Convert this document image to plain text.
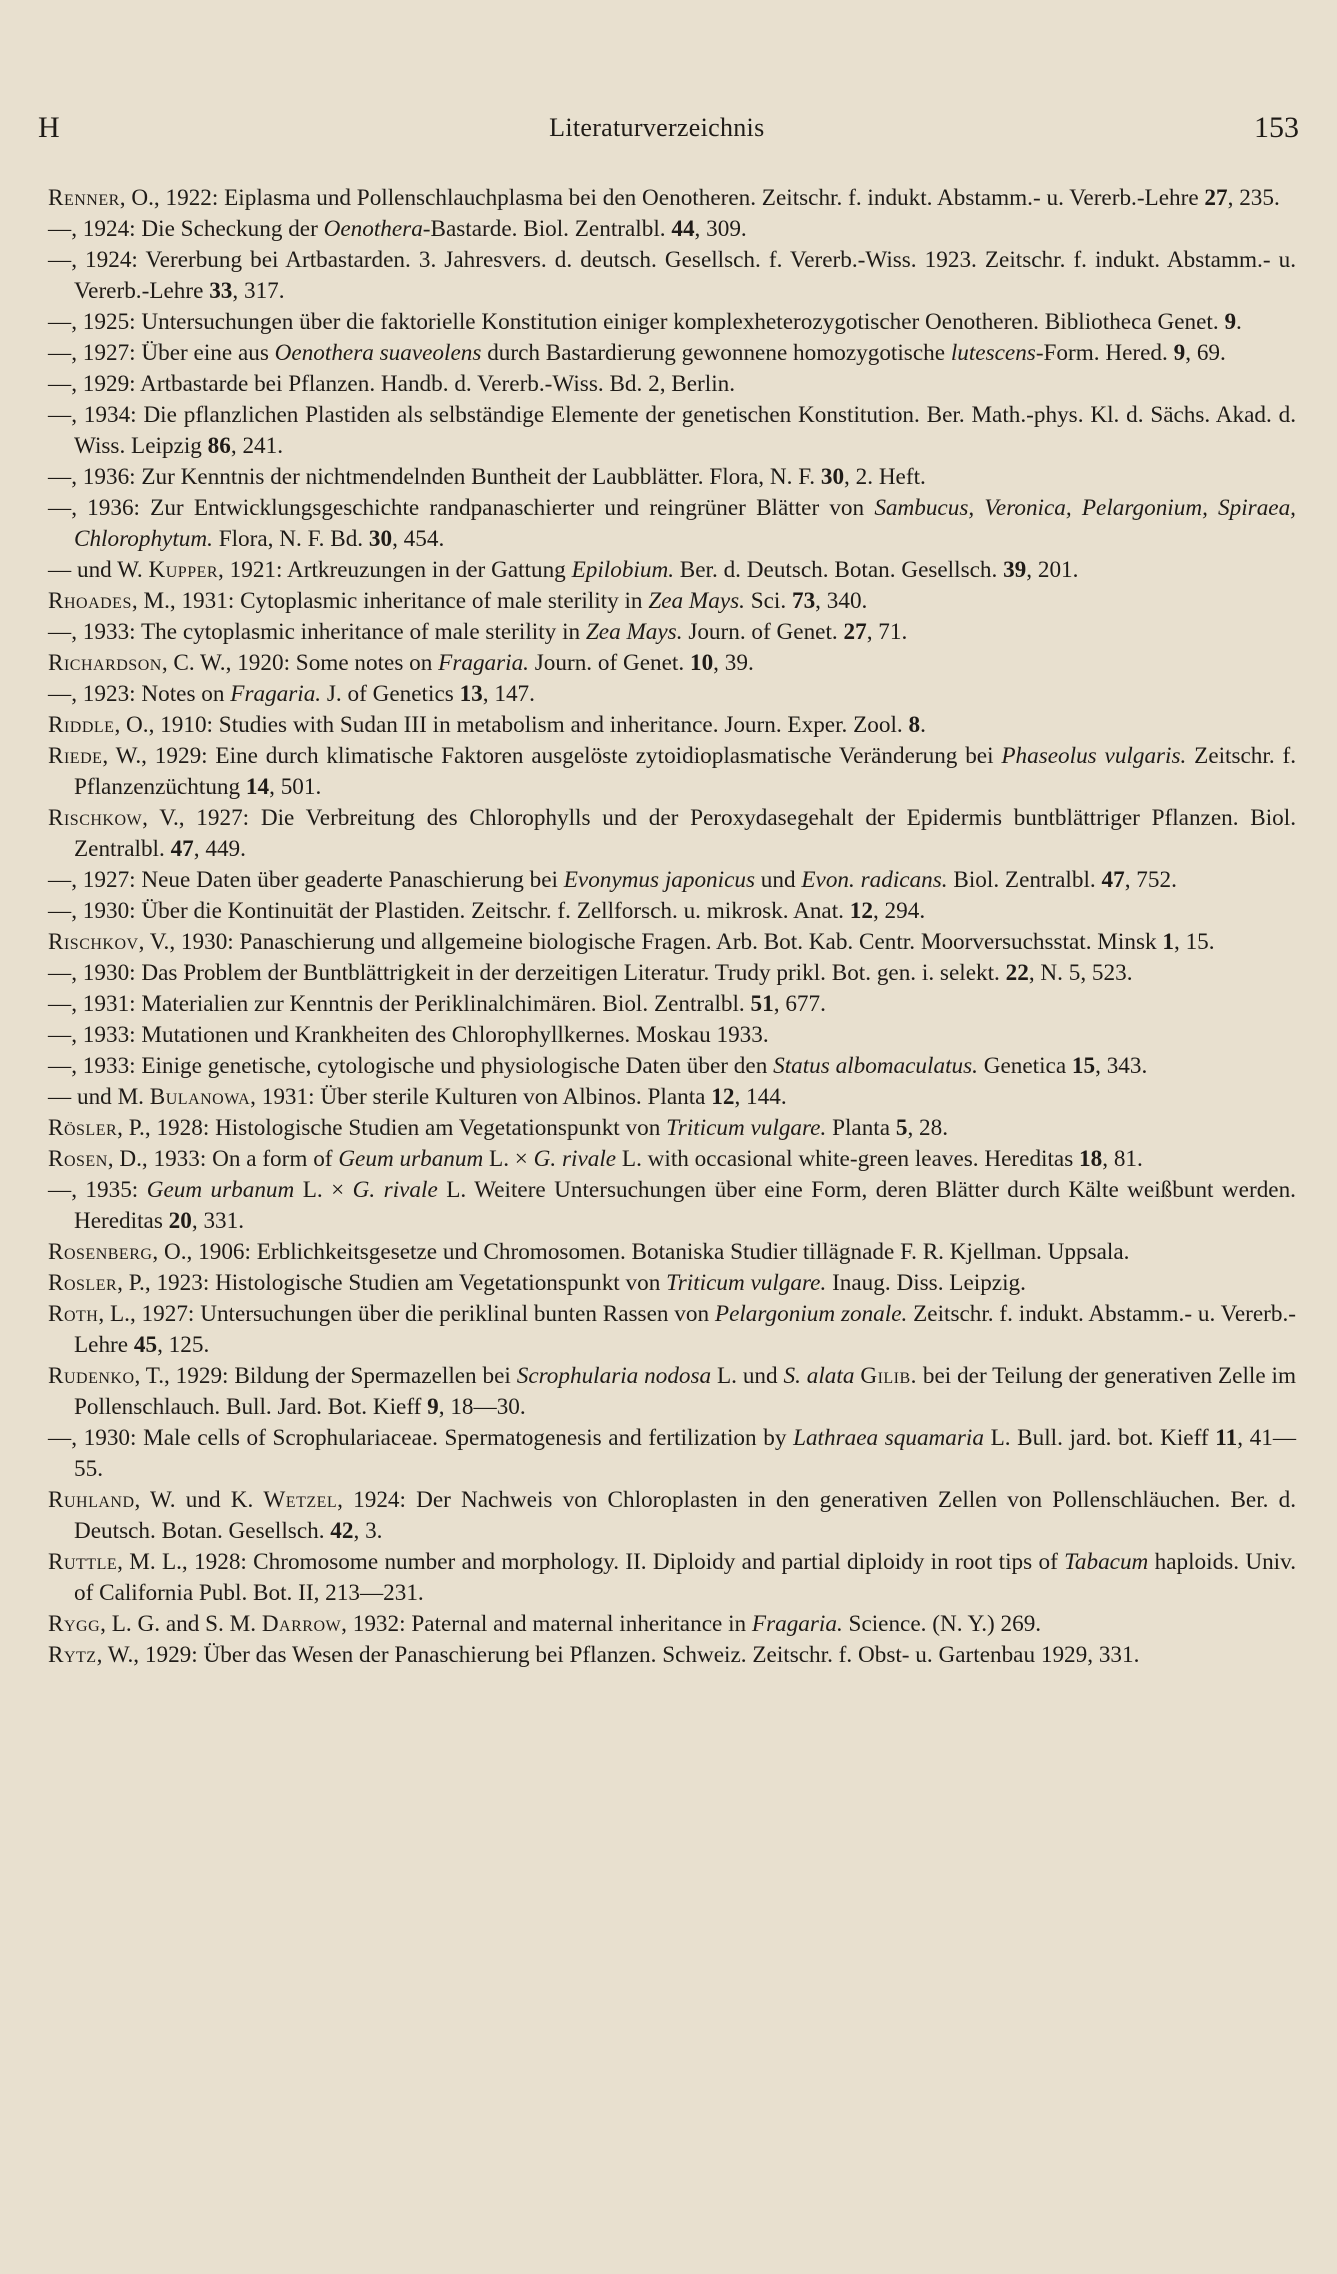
H	Literaturverzeichnis	153

Renner, O., 1922: Eiplasma und Pollenschlauchplasma bei den Oenotheren. Zeitschr. f. indukt. Abstamm.- u. Vererb.-Lehre 27, 235.

—, 1924: Die Scheckung der Oenothera-Bastarde. Biol. Zentralbl. 44, 309.

—, 1924: Vererbung bei Artbastarden. 3. Jahresvers. d. deutsch. Gesellsch. f. Vererb.-Wiss. 1923. Zeitschr. f. indukt. Abstamm.- u. Vererb.-Lehre 33, 317.

—, 1925: Untersuchungen über die faktorielle Konstitution einiger komplexheterozygotischer Oenotheren. Bibliotheca Genet. 9.

—, 1927: Über eine aus Oenothera suaveolens durch Bastardierung gewonnene homozygotische lutescens-Form. Hered. 9, 69.

—, 1929: Artbastarde bei Pflanzen. Handb. d. Vererb.-Wiss. Bd. 2, Berlin.

—, 1934: Die pflanzlichen Plastiden als selbständige Elemente der genetischen Konstitution. Ber. Math.-phys. Kl. d. Sächs. Akad. d. Wiss. Leipzig 86, 241.

—, 1936: Zur Kenntnis der nichtmendelnden Buntheit der Laubblätter. Flora, N. F. 30, 2. Heft.

—, 1936: Zur Entwicklungsgeschichte randpanaschierter und reingrüner Blätter von Sambucus, Veronica, Pelargonium, Spiraea, Chlorophytum. Flora, N. F. Bd. 30, 454.

— und W. Kupper, 1921: Artkreuzungen in der Gattung Epilobium. Ber. d. Deutsch. Botan. Gesellsch. 39, 201.

Rhoades, M., 1931: Cytoplasmic inheritance of male sterility in Zea Mays. Sci. 73, 340.

—, 1933: The cytoplasmic inheritance of male sterility in Zea Mays. Journ. of Genet. 27, 71.

Richardson, C. W., 1920: Some notes on Fragaria. Journ. of Genet. 10, 39.

—, 1923: Notes on Fragaria. J. of Genetics 13, 147.

Riddle, O., 1910: Studies with Sudan III in metabolism and inheritance. Journ. Exper. Zool. 8.

Riede, W., 1929: Eine durch klimatische Faktoren ausgelöste zytoidioplasmatische Veränderung bei Phaseolus vulgaris. Zeitschr. f. Pflanzenzüchtung 14, 501.

Rischkow, V., 1927: Die Verbreitung des Chlorophylls und der Peroxydasegehalt der Epidermis buntblättriger Pflanzen. Biol. Zentralbl. 47, 449.

—, 1927: Neue Daten über geaderte Panaschierung bei Evonymus japonicus und Evon. radicans. Biol. Zentralbl. 47, 752.

—, 1930: Über die Kontinuität der Plastiden. Zeitschr. f. Zellforsch. u. mikrosk. Anat. 12, 294.

Rischkov, V., 1930: Panaschierung und allgemeine biologische Fragen. Arb. Bot. Kab. Centr. Moorversuchsstat. Minsk 1, 15.

—, 1930: Das Problem der Buntblättrigkeit in der derzeitigen Literatur. Trudy prikl. Bot. gen. i. selekt. 22, N. 5, 523.

—, 1931: Materialien zur Kenntnis der Periklinalchimären. Biol. Zentralbl. 51, 677.

—, 1933: Mutationen und Krankheiten des Chlorophyllkernes. Moskau 1933.

—, 1933: Einige genetische, cytologische und physiologische Daten über den Status albomaculatus. Genetica 15, 343.

— und M. Bulanowa, 1931: Über sterile Kulturen von Albinos. Planta 12, 144.

Rösler, P., 1928: Histologische Studien am Vegetationspunkt von Triticum vulgare. Planta 5, 28.

Rosen, D., 1933: On a form of Geum urbanum L. × G. rivale L. with occasional white-green leaves. Hereditas 18, 81.

—, 1935: Geum urbanum L. × G. rivale L. Weitere Untersuchungen über eine Form, deren Blätter durch Kälte weißbunt werden. Hereditas 20, 331.

Rosenberg, O., 1906: Erblichkeitsgesetze und Chromosomen. Botaniska Studier tillägnade F. R. Kjellman. Uppsala.

Rosler, P., 1923: Histologische Studien am Vegetationspunkt von Triticum vulgare. Inaug. Diss. Leipzig.

Roth, L., 1927: Untersuchungen über die periklinal bunten Rassen von Pelargonium zonale. Zeitschr. f. indukt. Abstamm.- u. Vererb.-Lehre 45, 125.

Rudenko, T., 1929: Bildung der Spermazellen bei Scrophularia nodosa L. und S. alata Gilib. bei der Teilung der generativen Zelle im Pollenschlauch. Bull. Jard. Bot. Kieff 9, 18—30.

—, 1930: Male cells of Scrophulariaceae. Spermatogenesis and fertilization by Lathraea squamaria L. Bull. jard. bot. Kieff 11, 41—55.

Ruhland, W. und K. Wetzel, 1924: Der Nachweis von Chloroplasten in den generativen Zellen von Pollenschläuchen. Ber. d. Deutsch. Botan. Gesellsch. 42, 3.

Ruttle, M. L., 1928: Chromosome number and morphology. II. Diploidy and partial diploidy in root tips of Tabacum haploids. Univ. of California Publ. Bot. II, 213—231.

Rygg, L. G. and S. M. Darrow, 1932: Paternal and maternal inheritance in Fragaria. Science. (N. Y.) 269.

Rytz, W., 1929: Über das Wesen der Panaschierung bei Pflanzen. Schweiz. Zeitschr. f. Obst- u. Gartenbau 1929, 331.
